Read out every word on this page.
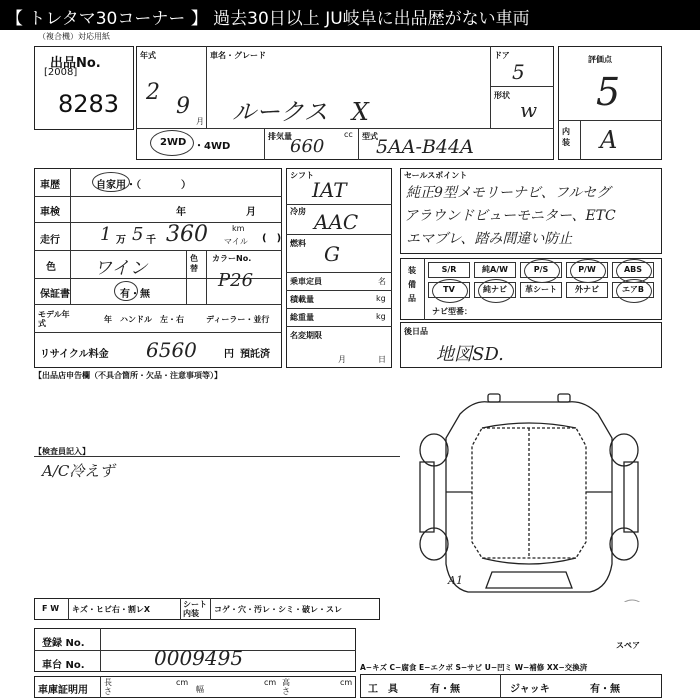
【 トレタマ30コーナー 】 過去30日以上 JU岐阜に出品歴がない車両
（複合機）対応用紙
出品No.
[2008]
8283
年式
2
9
月
車名・グレード
ルークス　X
ドア
5
形状
w
2WD ・4WD
排気量
660
cc 型式
5AA-B44A
評価点
5
内装 A
車歴	自家用・（　　　　）
車検	年	月
走行 1 万 5 千 360	km
マイル (　)
色 ワイン	色替
カラーNo.
P26
保証書	有・無
モデル年式	年 ハンドル　左・右	ディーラー・並行
リサイクル料金 6560	円 預託済
シフト
IAT
冷房 AAC
燃料 G
乗車定員	名
積載量	kg
総重量	kg
名変期限
月	日
セールスポイント
純正9型メモリーナビ、フルセグ
アラウンドビューモニター、ETC
エマブレ、踏み間違い防止
装備品
S/R	純A/W	P/S	P/W	ABS
TV	純ナビ	革シート	外ナビ	エアB
ナビ型番：
後日品
地図SD.
【出品店申告欄（不具合箇所・欠品・注意事項等）】
【検査員記入】
A/C冷えず
A1
スペア
F W キズ・ヒビ右・割レX
シート内装	コゲ・穴・汚レ・シミ・破レ・スレ
登録 No.
車台 No.	0009495
車庫証明用
長さ
cm
幅
cm 高さ
cm
A−キズ C−腐食 E−エクボ S−サビ U−凹ミ W−補修 XX−交換済
工　具	有・無	ジャッキ	有・無
